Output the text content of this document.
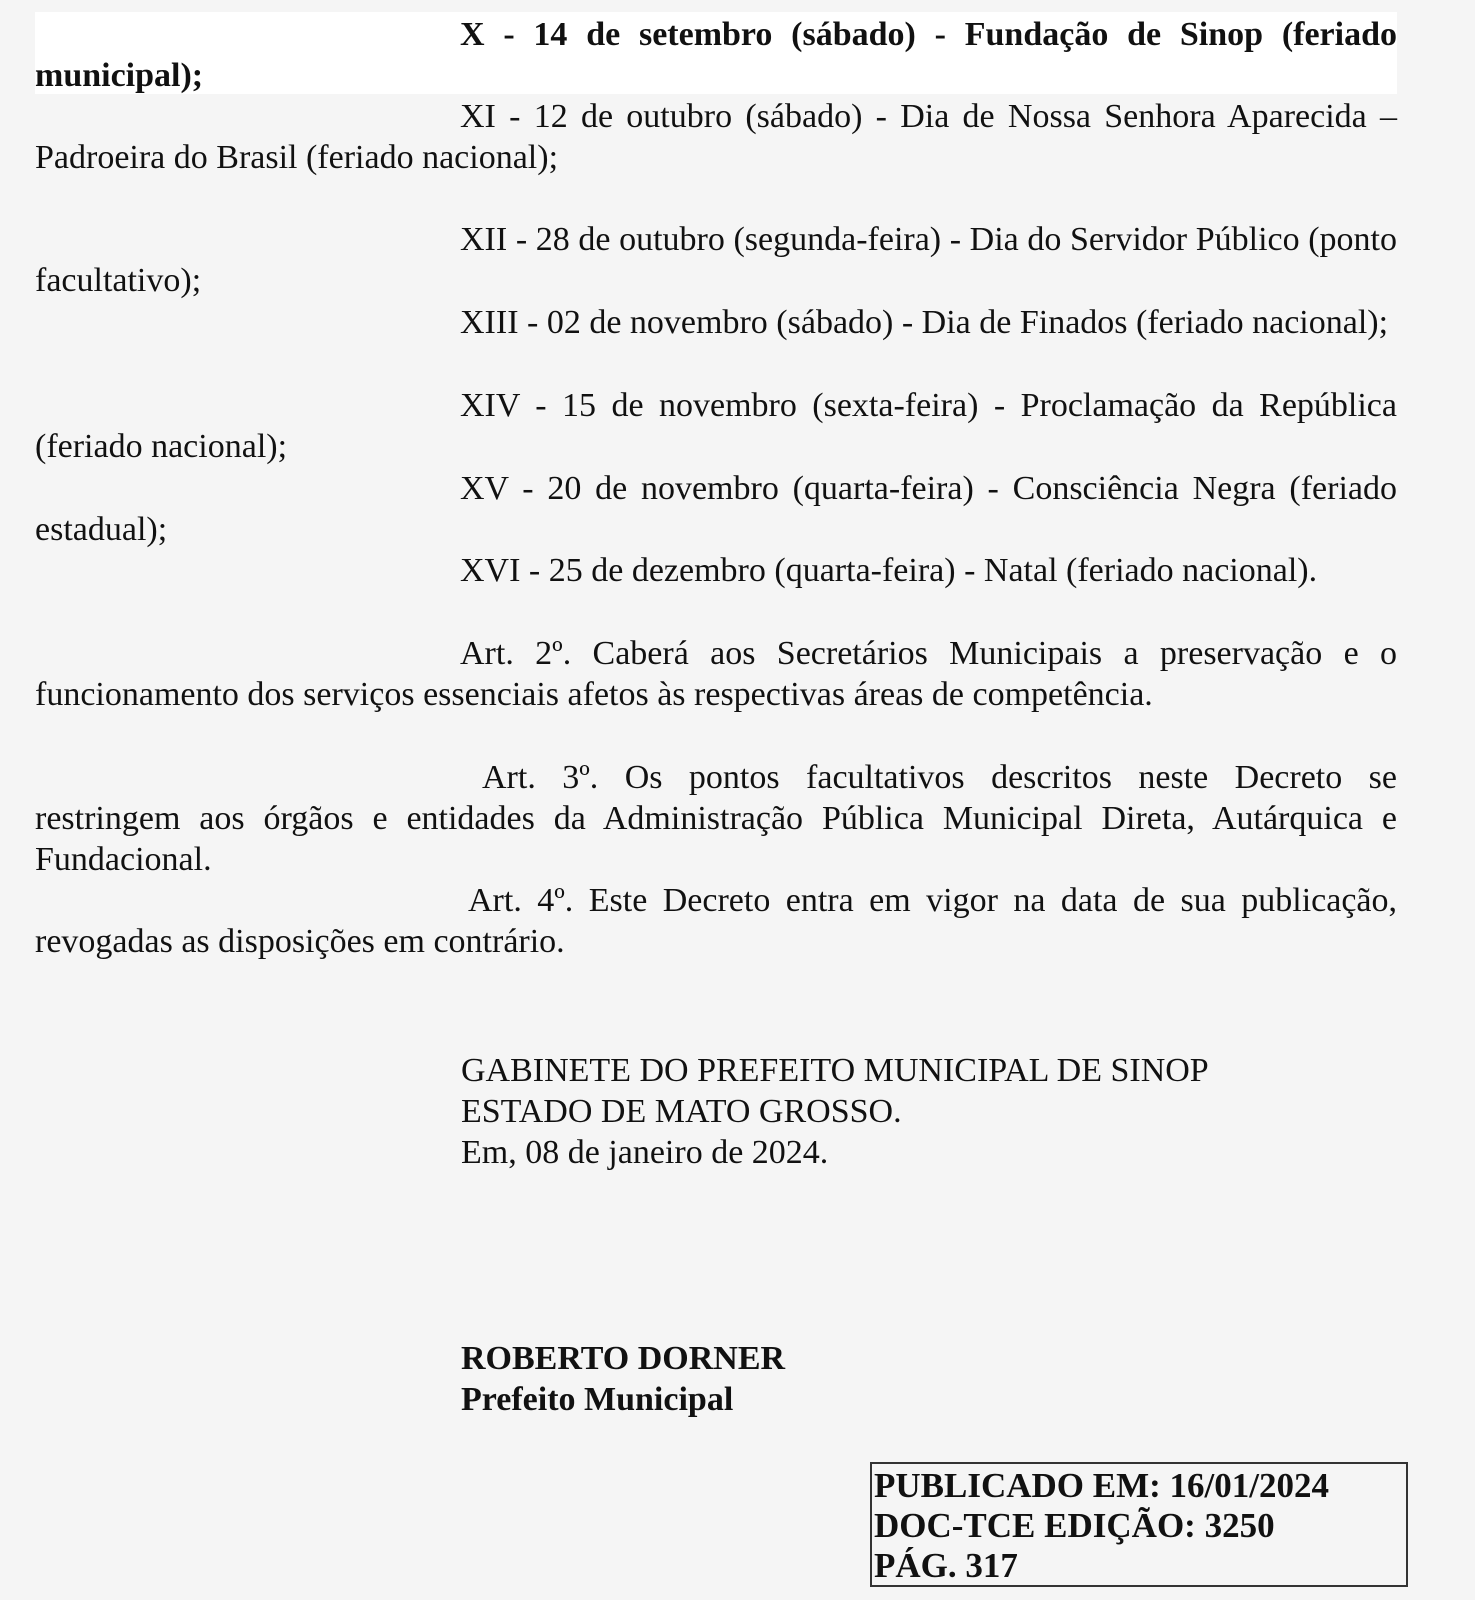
X - 14 de setembro (sábado) - Fundação de Sinop (feriado municipal);

XI - 12 de outubro (sábado) - Dia de Nossa Senhora Aparecida – Padroeira do Brasil (feriado nacional);

XII - 28 de outubro (segunda-feira) - Dia do Servidor Público (ponto facultativo);

XIII - 02 de novembro (sábado) - Dia de Finados (feriado nacional);

XIV - 15 de novembro (sexta-feira) - Proclamação da República (feriado nacional);

XV - 20 de novembro (quarta-feira) - Consciência Negra (feriado estadual);

XVI - 25 de dezembro (quarta-feira) - Natal (feriado nacional).

Art. 2º. Caberá aos Secretários Municipais a preservação e o funcionamento dos serviços essenciais afetos às respectivas áreas de competência.

Art. 3º. Os pontos facultativos descritos neste Decreto se restringem aos órgãos e entidades da Administração Pública Municipal Direta, Autárquica e Fundacional.

Art. 4º. Este Decreto entra em vigor na data de sua publicação, revogadas as disposições em contrário.

GABINETE DO PREFEITO MUNICIPAL DE SINOP
ESTADO DE MATO GROSSO.
Em, 08 de janeiro de 2024.
ROBERTO DORNER
Prefeito Municipal
PUBLICADO EM: 16/01/2024
DOC-TCE EDIÇÃO: 3250
PÁG. 317
